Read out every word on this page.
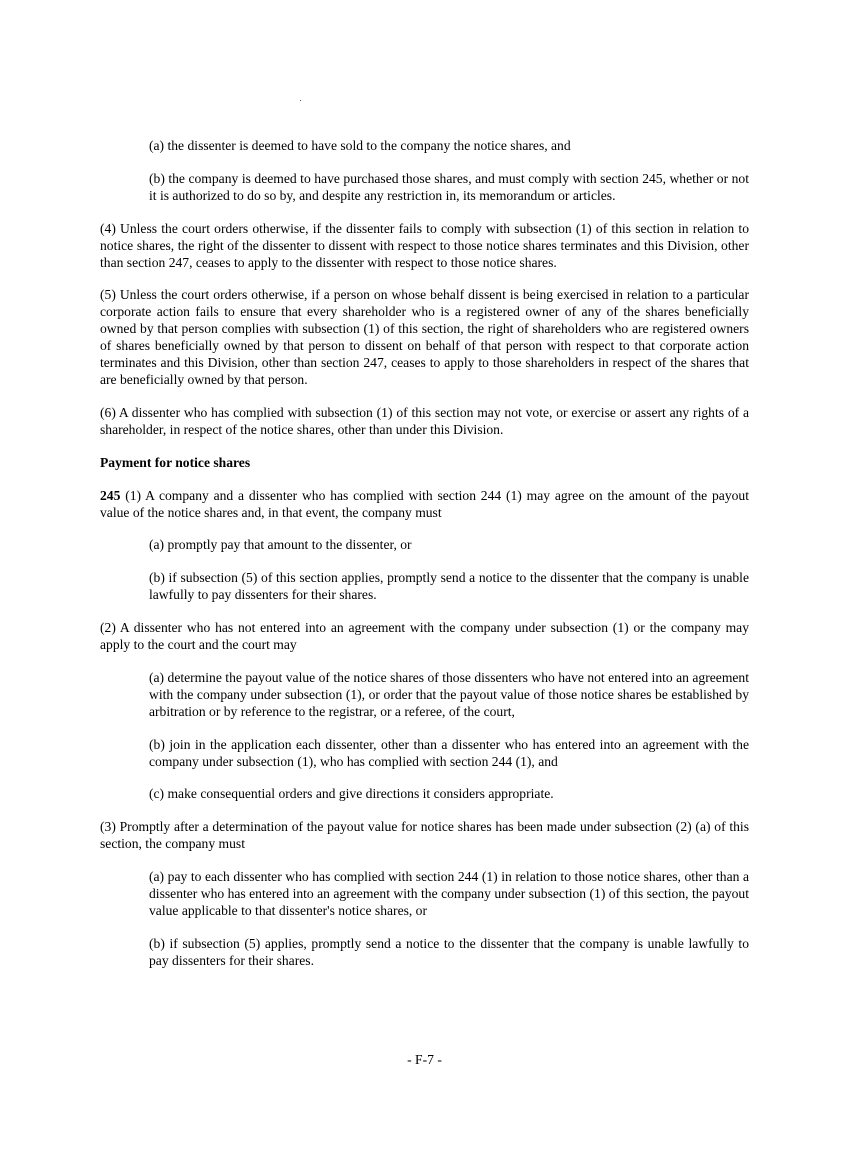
(a) the dissenter is deemed to have sold to the company the notice shares, and

(b) the company is deemed to have purchased those shares, and must comply with section 245, whether or not it is authorized to do so by, and despite any restriction in, its memorandum or articles.

(4) Unless the court orders otherwise, if the dissenter fails to comply with subsection (1) of this section in relation to notice shares, the right of the dissenter to dissent with respect to those notice shares terminates and this Division, other than section 247, ceases to apply to the dissenter with respect to those notice shares.

(5) Unless the court orders otherwise, if a person on whose behalf dissent is being exercised in relation to a particular corporate action fails to ensure that every shareholder who is a registered owner of any of the shares beneficially owned by that person complies with subsection (1) of this section, the right of shareholders who are registered owners of shares beneficially owned by that person to dissent on behalf of that person with respect to that corporate action terminates and this Division, other than section 247, ceases to apply to those shareholders in respect of the shares that are beneficially owned by that person.

(6) A dissenter who has complied with subsection (1) of this section may not vote, or exercise or assert any rights of a shareholder, in respect of the notice shares, other than under this Division.

Payment for notice shares

245 (1) A company and a dissenter who has complied with section 244 (1) may agree on the amount of the payout value of the notice shares and, in that event, the company must

(a) promptly pay that amount to the dissenter, or

(b) if subsection (5) of this section applies, promptly send a notice to the dissenter that the company is unable lawfully to pay dissenters for their shares.

(2) A dissenter who has not entered into an agreement with the company under subsection (1) or the company may apply to the court and the court may

(a) determine the payout value of the notice shares of those dissenters who have not entered into an agreement with the company under subsection (1), or order that the payout value of those notice shares be established by arbitration or by reference to the registrar, or a referee, of the court,

(b) join in the application each dissenter, other than a dissenter who has entered into an agreement with the company under subsection (1), who has complied with section 244 (1), and

(c) make consequential orders and give directions it considers appropriate.

(3) Promptly after a determination of the payout value for notice shares has been made under subsection (2) (a) of this section, the company must

(a) pay to each dissenter who has complied with section 244 (1) in relation to those notice shares, other than a dissenter who has entered into an agreement with the company under subsection (1) of this section, the payout value applicable to that dissenter's notice shares, or

(b) if subsection (5) applies, promptly send a notice to the dissenter that the company is unable lawfully to pay dissenters for their shares.

- F-7 -
